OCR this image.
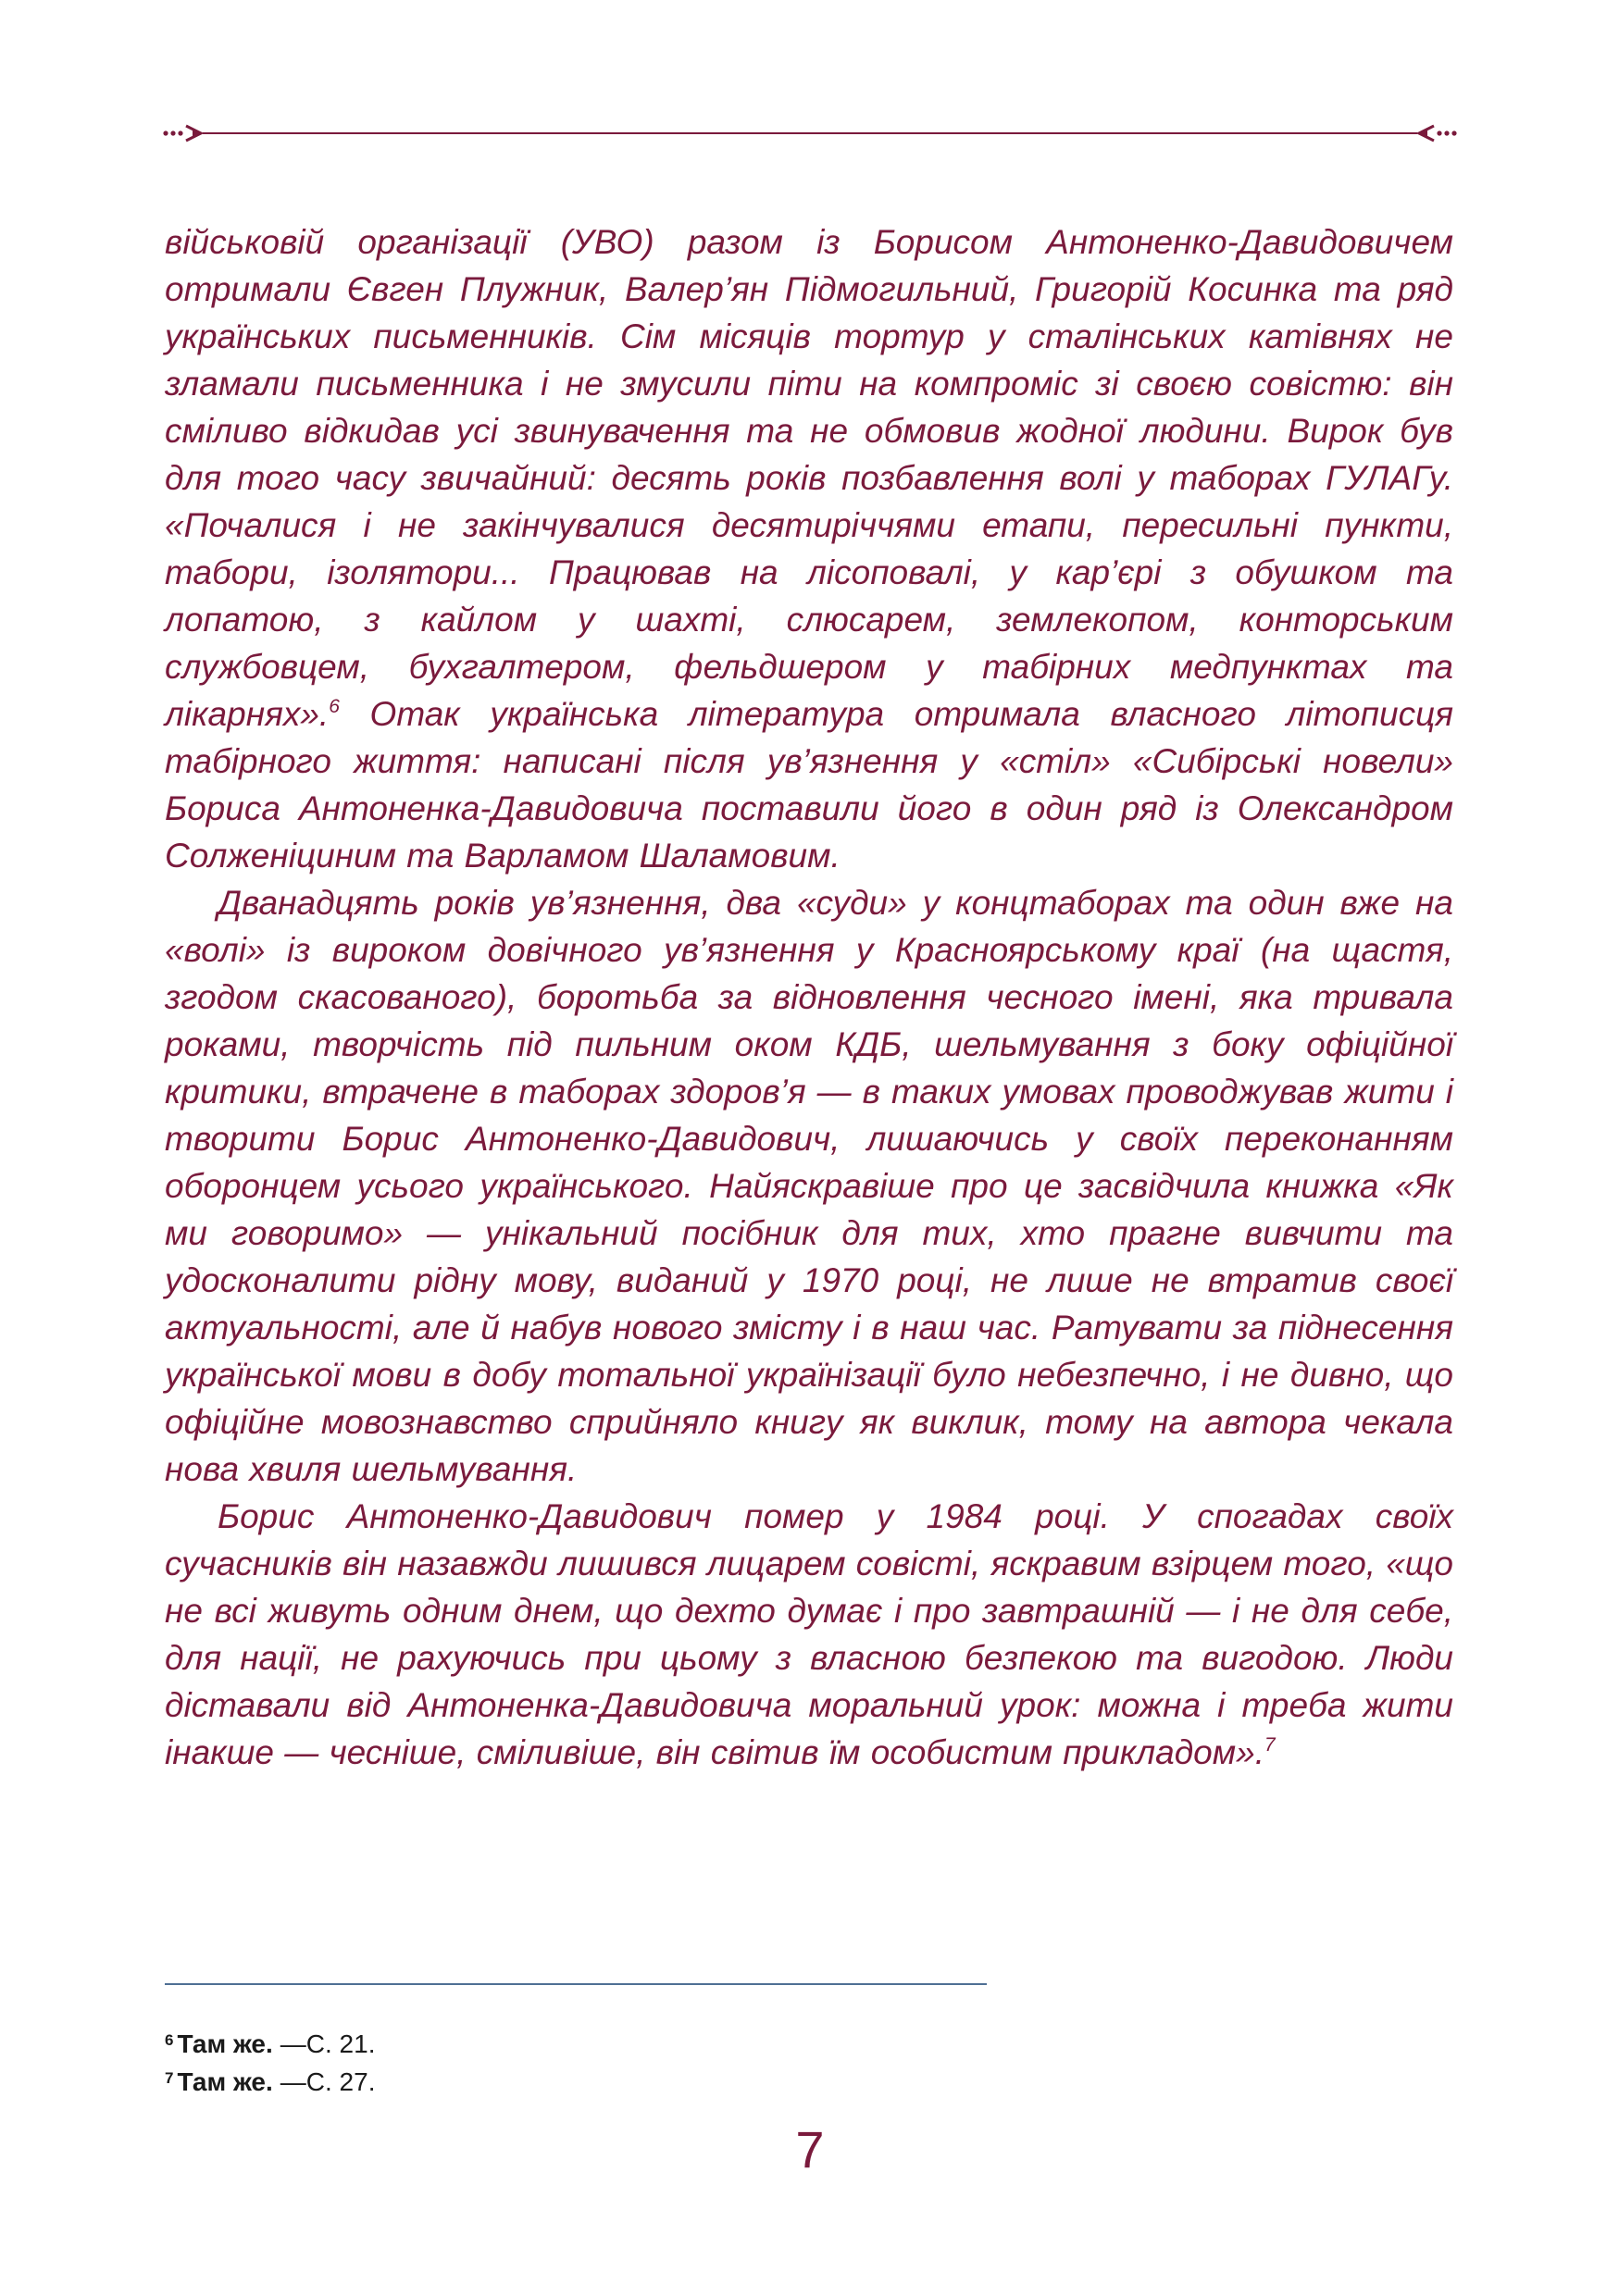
військовій організації (УВО) разом із Борисом Антоненко-Давидовичем отримали Євген Плужник, Валер’ян Підмогильний, Григорій Косинка та ряд українських письменників. Сім місяців тортур у сталінських катівнях не зламали письменника і не змусили піти на компроміс зі своєю совістю: він сміливо відкидав усі звинувачення та не обмовив жодної людини. Вирок був для того часу звичайний: десять років позбавлення волі у таборах ГУЛАГу. «Почалися і не закінчувалися десятиріччями етапи, пересильні пункти, табори, ізолятори... Працював на лісоповалі, у кар’єрі з обушком та лопатою, з кайлом у шахті, слюсарем, землекопом, конторським службовцем, бухгалтером, фельдшером у табірних медпунктах та лікарнях».$^6$ Отак українська література отримала власного літописця табірного життя: написані після ув’язнення у «стіл» «Сибірські новели» Бориса Антоненка-Давидовича поставили його в один ряд із Олександром Солженіциним та Варламом Шаламовим.

Дванадцять років ув’язнення, два «суди» у концтаборах та один вже на «волі» із вироком довічного ув’язнення у Красноярському краї (на щастя, згодом скасованого), боротьба за відновлення чесного імені, яка тривала роками, творчість під пильним оком КДБ, шельмування з боку офіційної критики, втрачене в таборах здоров’я — в таких умовах проводжував жити і творити Борис Антоненко-Давидович, лишаючись у своїх переконанням оборонцем усього українського. Найяскравіше про це засвідчила книжка «Як ми говоримо» — унікальний посібник для тих, хто прагне вивчити та удосконалити рідну мову, виданий у 1970 році, не лише не втратив своєї актуальності, але й набув нового змісту і в наш час. Ратувати за піднесення української мови в добу тотальної українізації було небезпечно, і не дивно, що офіційне мовознавство сприйняло книгу як виклик, тому на автора чекала нова хвиля шельмування.

Борис Антоненко-Давидович помер у 1984 році. У спогадах своїх сучасників він назавжди лишився лицарем совісті, яскравим взірцем того, «що не всі живуть одним днем, що дехто думає і про завтрашній — і не для себе, для нації, не рахуючись при цьому з власною безпекою та вигодою. Люди діставали від Антоненка-Давидовича моральний урок: можна і треба жити інакше — чесніше, сміливіше, він світив їм особистим прикладом».$^7$

$^6$ Там же. —С. 21.
$^7$ Там же. —С. 27.
7
